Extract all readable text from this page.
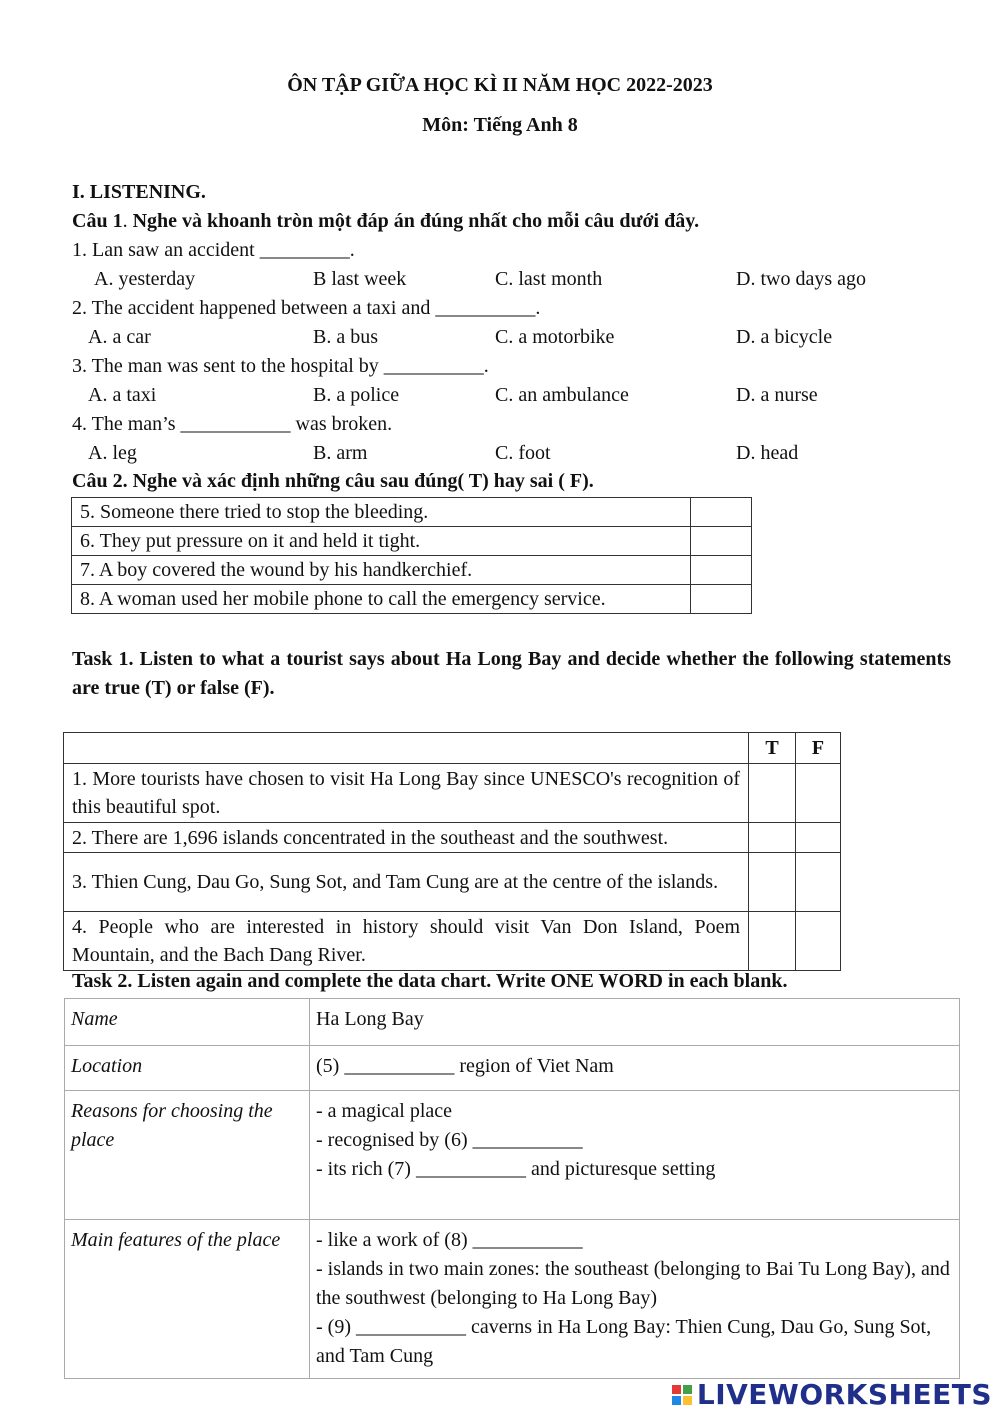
ÔN TẬP GIỮA HỌC KÌ II NĂM HỌC 2022-2023
Môn: Tiếng Anh 8
I. LISTENING.
Câu 1. Nghe và khoanh tròn một đáp án đúng nhất cho mỗi câu dưới đây.
1. Lan saw an accident _________.
A. yesterday	B last week	C. last month	D. two days ago
2. The accident happened between a taxi and __________.
A. a car	B. a bus	C. a motorbike	D. a bicycle
3. The man was sent to the hospital by __________.
A. a taxi	B. a police	C. an ambulance	D. a nurse
4. The man’s ___________ was broken.
A. leg	B. arm	C. foot	D. head
Câu 2. Nghe và xác định những câu sau đúng( T) hay sai ( F).
5. Someone there tried to stop the bleeding.	
6. They put pressure on it and held it tight.	
7. A boy covered the wound by his handkerchief.	
8. A woman used her mobile phone to call the emergency service.	
Task 1. Listen to what a tourist says about Ha Long Bay and decide whether the following statements are true (T) or false (F).
	T	F
1. More tourists have chosen to visit Ha Long Bay since UNESCO's recognition of this beautiful spot.		
2. There are 1,696 islands concentrated in the southeast and the southwest.		
3. Thien Cung, Dau Go, Sung Sot, and Tam Cung are at the centre of the islands.		
4. People who are interested in history should visit Van Don Island, Poem Mountain, and the Bach Dang River.		
Task 2. Listen again and complete the data chart. Write ONE WORD in each blank.
Name	Ha Long Bay
Location	(5) ___________ region of Viet Nam
Reasons for choosing the place	- a magical place
- recognised by (6) ___________
- its rich (7) ___________ and picturesque setting

Main features of the place	- like a work of (8) ___________
- islands in two main zones: the southeast (belonging to Bai Tu Long Bay), and the southwest (belonging to Ha Long Bay)
- (9) ___________ caverns in Ha Long Bay: Thien Cung, Dau Go, Sung Sot, and Tam Cung
LIVEWORKSHEETS
